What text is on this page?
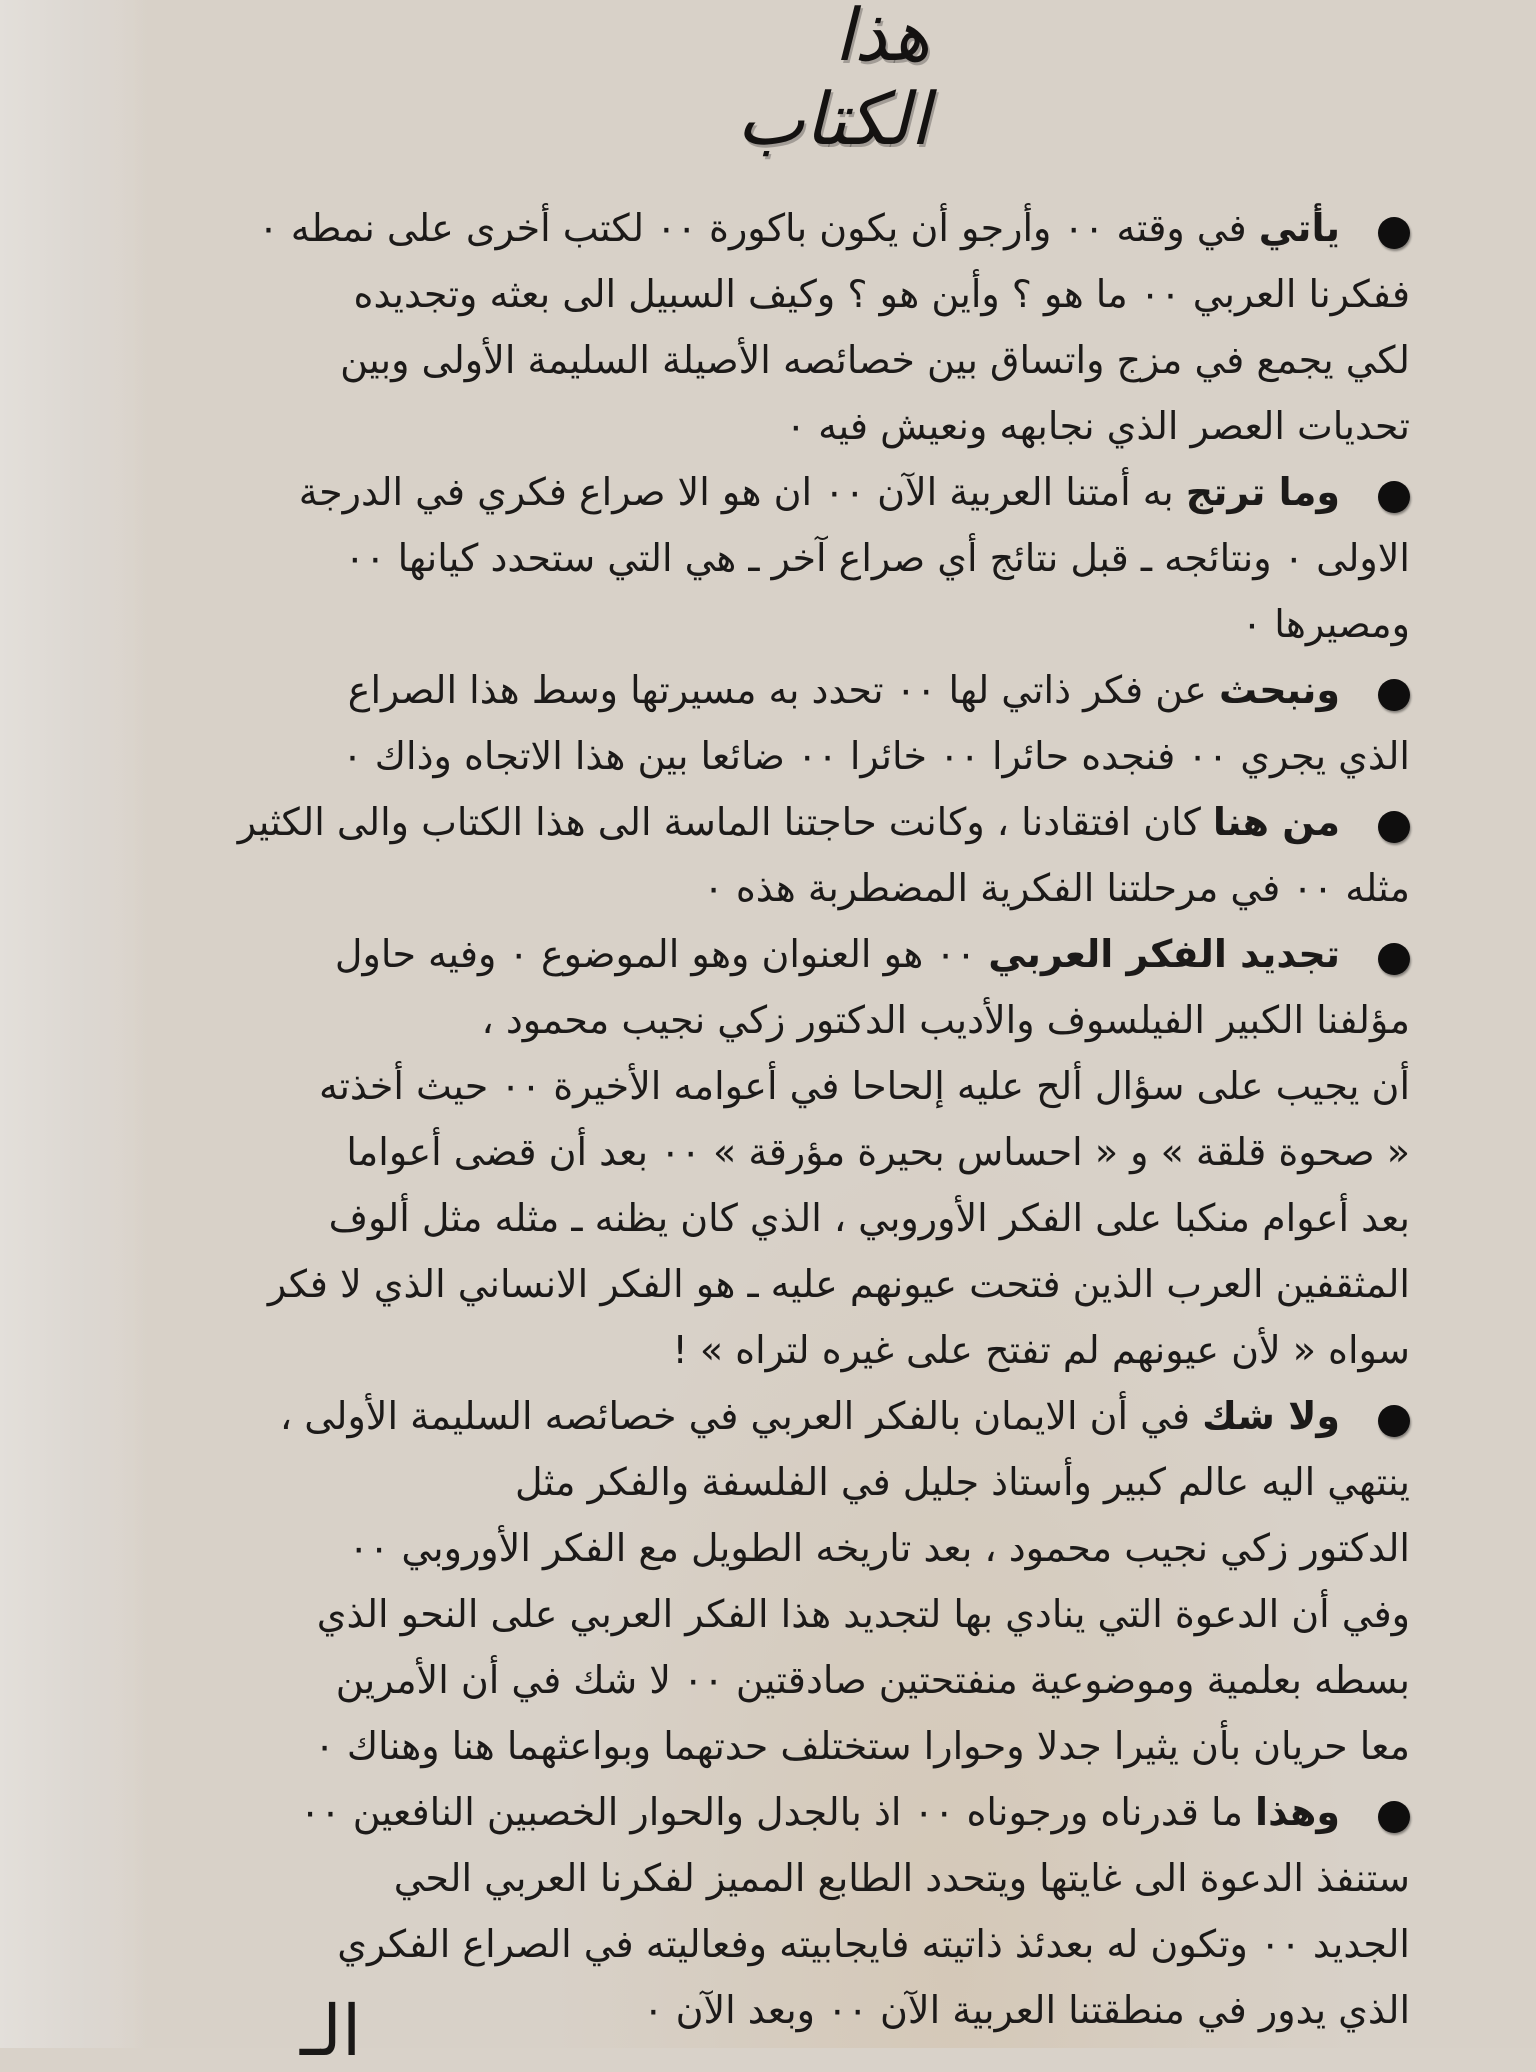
هذا الكتاب

يأتي في وقته ٠٠ وأرجو أن يكون باكورة ٠٠ لكتب أخرى على نمطه ٠
ففكرنا العربي ٠٠ ما هو ؟ وأين هو ؟ وكيف السبيل الى بعثه وتجديده
لكي يجمع في مزج واتساق بين خصائصه الأصيلة السليمة الأولى وبين
تحديات العصر الذي نجابهه ونعيش فيه ٠

وما ترتج به أمتنا العربية الآن ٠٠ ان هو الا صراع فكري في الدرجة
الاولى ٠ ونتائجه ـ قبل نتائج أي صراع آخر ـ هي التي ستحدد كيانها ٠٠
ومصيرها ٠

ونبحث عن فكر ذاتي لها ٠٠ تحدد به مسيرتها وسط هذا الصراع
الذي يجري ٠٠ فنجده حائرا ٠٠ خائرا ٠٠ ضائعا بين هذا الاتجاه وذاك ٠

من هنا كان افتقادنا ، وكانت حاجتنا الماسة الى هذا الكتاب والى الكثير
مثله ٠٠ في مرحلتنا الفكرية المضطربة هذه ٠

تجديد الفكر العربي ٠٠ هو العنوان وهو الموضوع ٠ وفيه حاول
مؤلفنا الكبير الفيلسوف والأديب الدكتور زكي نجيب محمود ،
أن يجيب على سؤال ألح عليه إلحاحا في أعوامه الأخيرة ٠٠ حيث أخذته
« صحوة قلقة » و « احساس بحيرة مؤرقة » ٠٠ بعد أن قضى أعواما
بعد أعوام منكبا على الفكر الأوروبي ، الذي كان يظنه ـ مثله مثل ألوف
المثقفين العرب الذين فتحت عيونهم عليه ـ هو الفكر الانساني الذي لا فكر
سواه « لأن عيونهم لم تفتح على غيره لتراه » !

ولا شك في أن الايمان بالفكر العربي في خصائصه السليمة الأولى ،
ينتهي اليه عالم كبير وأستاذ جليل في الفلسفة والفكر مثل
الدكتور زكي نجيب محمود ، بعد تاريخه الطويل مع الفكر الأوروبي ٠٠
وفي أن الدعوة التي ينادي بها لتجديد هذا الفكر العربي على النحو الذي
بسطه بعلمية وموضوعية منفتحتين صادقتين ٠٠ لا شك في أن الأمرين
معا حريان بأن يثيرا جدلا وحوارا ستختلف حدتهما وبواعثهما هنا وهناك ٠

وهذا ما قدرناه ورجوناه ٠٠ اذ بالجدل والحوار الخصبين النافعين ٠٠
ستنفذ الدعوة الى غايتها ويتحدد الطابع المميز لفكرنا العربي الحي
الجديد ٠٠ وتكون له بعدئذ ذاتيته فايجابيته وفعاليته في الصراع الفكري
الذي يدور في منطقتنا العربية الآن ٠٠ وبعد الآن ٠

الـ
